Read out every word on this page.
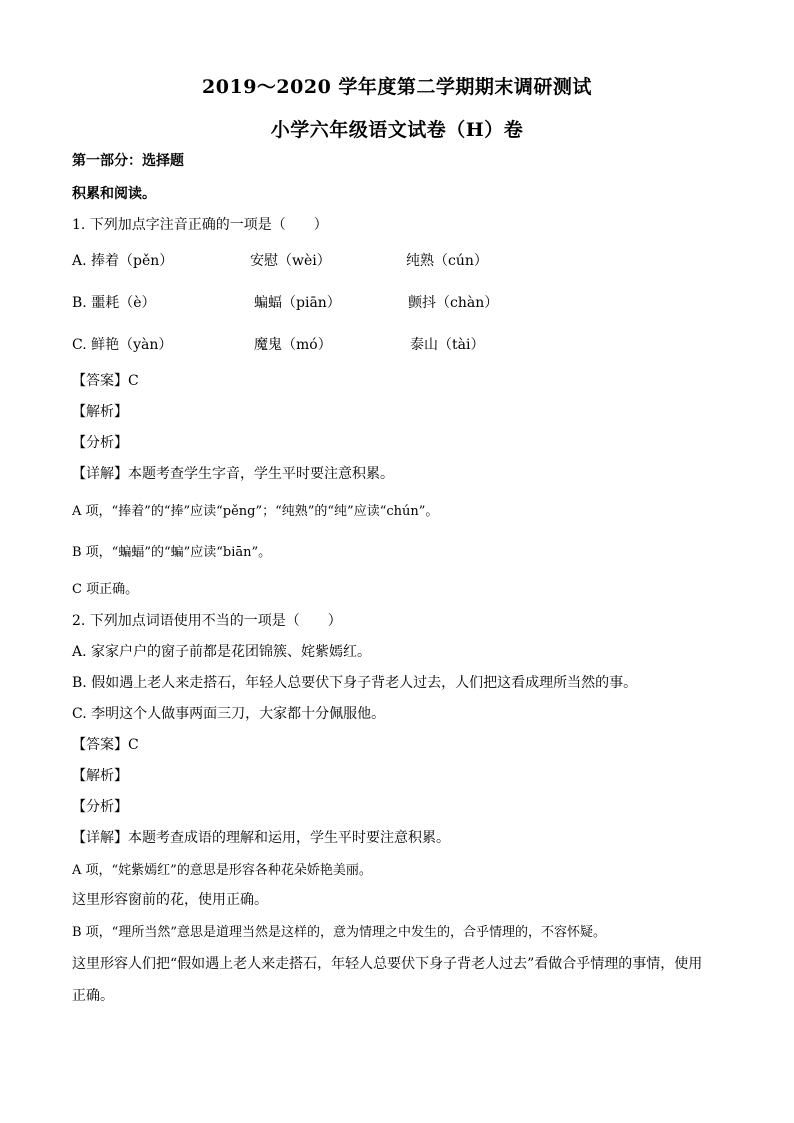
2019～2020 学年度第二学期期末调研测试
小学六年级语文试卷（H）卷
第一部分：选择题
积累和阅读。
1. 下列加点字注音正确的一项是（　　）
A. 捧着（pěn）	安慰（wèi）	纯熟（cún）
B. 噩耗（è）	蝙蝠（piān）	颤抖（chàn）
C. 鲜艳（yàn）	魔鬼（mó）	泰山（tài）
【答案】C
【解析】
【分析】
【详解】本题考查学生字音，学生平时要注意积累。
A 项，“捧着”的“捧”应读“pěng”；“纯熟”的“纯”应读“chún”。
B 项，“蝙蝠”的“蝙”应读“biān”。
C 项正确。
2. 下列加点词语使用不当的一项是（　　）
A. 家家户户的窗子前都是花团锦簇、姹紫嫣红。
B. 假如遇上老人来走搭石，年轻人总要伏下身子背老人过去，人们把这看成理所当然的事。
C. 李明这个人做事两面三刀，大家都十分佩服他。
【答案】C
【解析】
【分析】
【详解】本题考查成语的理解和运用，学生平时要注意积累。
A 项，“姹紫嫣红”的意思是形容各种花朵娇艳美丽。
这里形容窗前的花，使用正确。
B 项，“理所当然”意思是道理当然是这样的，意为情理之中发生的，合乎情理的，不容怀疑。
这里形容人们把“假如遇上老人来走搭石，年轻人总要伏下身子背老人过去”看做合乎情理的事情，使用
正确。
